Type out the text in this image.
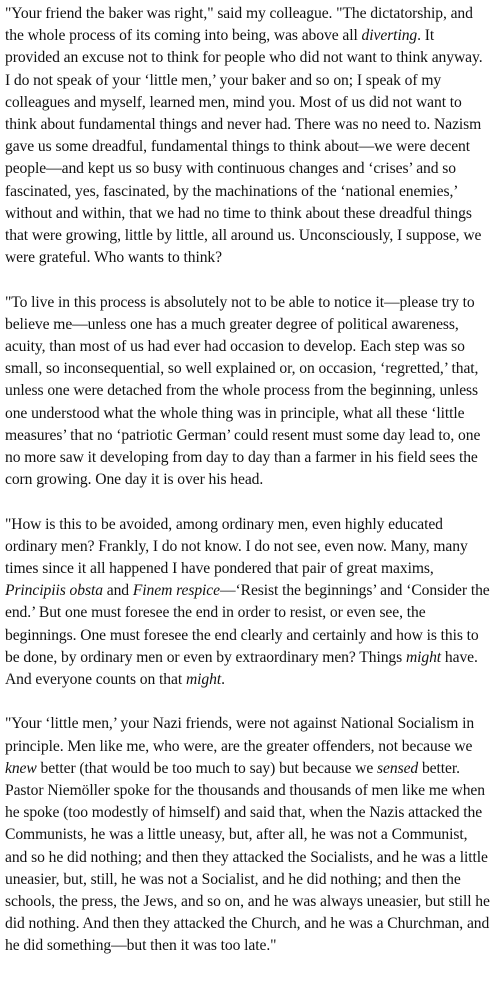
"Your friend the baker was right," said my colleague. "The dictatorship, and the whole process of its coming into being, was above all diverting. It provided an excuse not to think for people who did not want to think anyway. I do not speak of your ‘little men,’ your baker and so on; I speak of my colleagues and myself, learned men, mind you. Most of us did not want to think about fundamental things and never had. There was no need to. Nazism gave us some dreadful, fundamental things to think about—we were decent people—and kept us so busy with continuous changes and ‘crises’ and so fascinated, yes, fascinated, by the machinations of the ‘national enemies,’ without and within, that we had no time to think about these dreadful things that were growing, little by little, all around us. Unconsciously, I suppose, we were grateful. Who wants to think?

"To live in this process is absolutely not to be able to notice it—please try to believe me—unless one has a much greater degree of political awareness, acuity, than most of us had ever had occasion to develop. Each step was so small, so inconsequential, so well explained or, on occasion, ‘regretted,’ that, unless one were detached from the whole process from the beginning, unless one understood what the whole thing was in principle, what all these ‘little measures’ that no ‘patriotic German’ could resent must some day lead to, one no more saw it developing from day to day than a farmer in his field sees the corn growing. One day it is over his head.

"How is this to be avoided, among ordinary men, even highly educated ordinary men? Frankly, I do not know. I do not see, even now. Many, many times since it all happened I have pondered that pair of great maxims, Principiis obsta and Finem respice—‘Resist the beginnings’ and ‘Consider the end.’ But one must foresee the end in order to resist, or even see, the beginnings. One must foresee the end clearly and certainly and how is this to be done, by ordinary men or even by extraordinary men? Things might have. And everyone counts on that might.

"Your ‘little men,’ your Nazi friends, were not against National Socialism in principle. Men like me, who were, are the greater offenders, not because we knew better (that would be too much to say) but because we sensed better. Pastor Niemöller spoke for the thousands and thousands of men like me when he spoke (too modestly of himself) and said that, when the Nazis attacked the Communists, he was a little uneasy, but, after all, he was not a Communist, and so he did nothing; and then they attacked the Socialists, and he was a little uneasier, but, still, he was not a Socialist, and he did nothing; and then the schools, the press, the Jews, and so on, and he was always uneasier, but still he did nothing. And then they attacked the Church, and he was a Churchman, and he did something—but then it was too late."
